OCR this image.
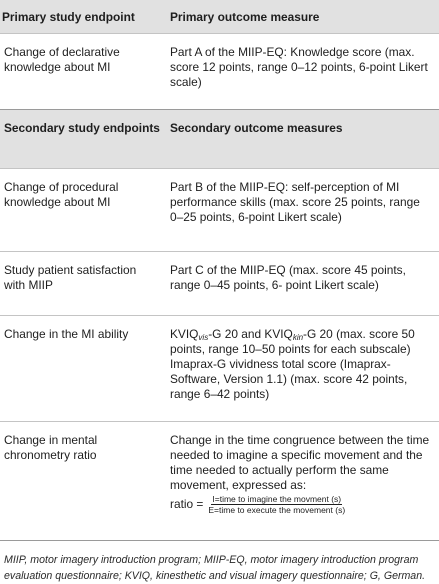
Primary study endpoint	Primary outcome measure
Change of declarative knowledge about MI	Part A of the MIIP-EQ: Knowledge score (max. score 12 points, range 0–12 points, 6-point Likert scale)
Secondary study endpoints	Secondary outcome measures
Change of procedural knowledge about MI	Part B of the MIIP-EQ: self-perception of MI performance skills (max. score 25 points, range 0–25 points, 6-point Likert scale)
Study patient satisfaction with MIIP	Part C of the MIIP-EQ (max. score 45 points, range 0–45 points, 6- point Likert scale)
Change in the MI ability	$KVIQ_{vis}-G$ 20 and $KVIQ_{kin}-G$ 20 (max. score 50 points, range 10–50 points for each subscale)
Imaprax-G vividness total score (Imaprax-Software, Version 1.1) (max. score 42 points, range 6–42 points)
Change in mental chronometry ratio	Change in the time congruence between the time needed to imagine a specific movement and the time needed to actually perform the same movement, expressed as:
ratio = $\frac{\text{I=time to imagine the movment (s)}}{\text{E=time to execute the movement (s)}}$
MIIP, motor imagery introduction program; MIIP-EQ, motor imagery introduction program evaluation questionnaire; KVIQ, kinesthetic and visual imagery questionnaire; G, German.
